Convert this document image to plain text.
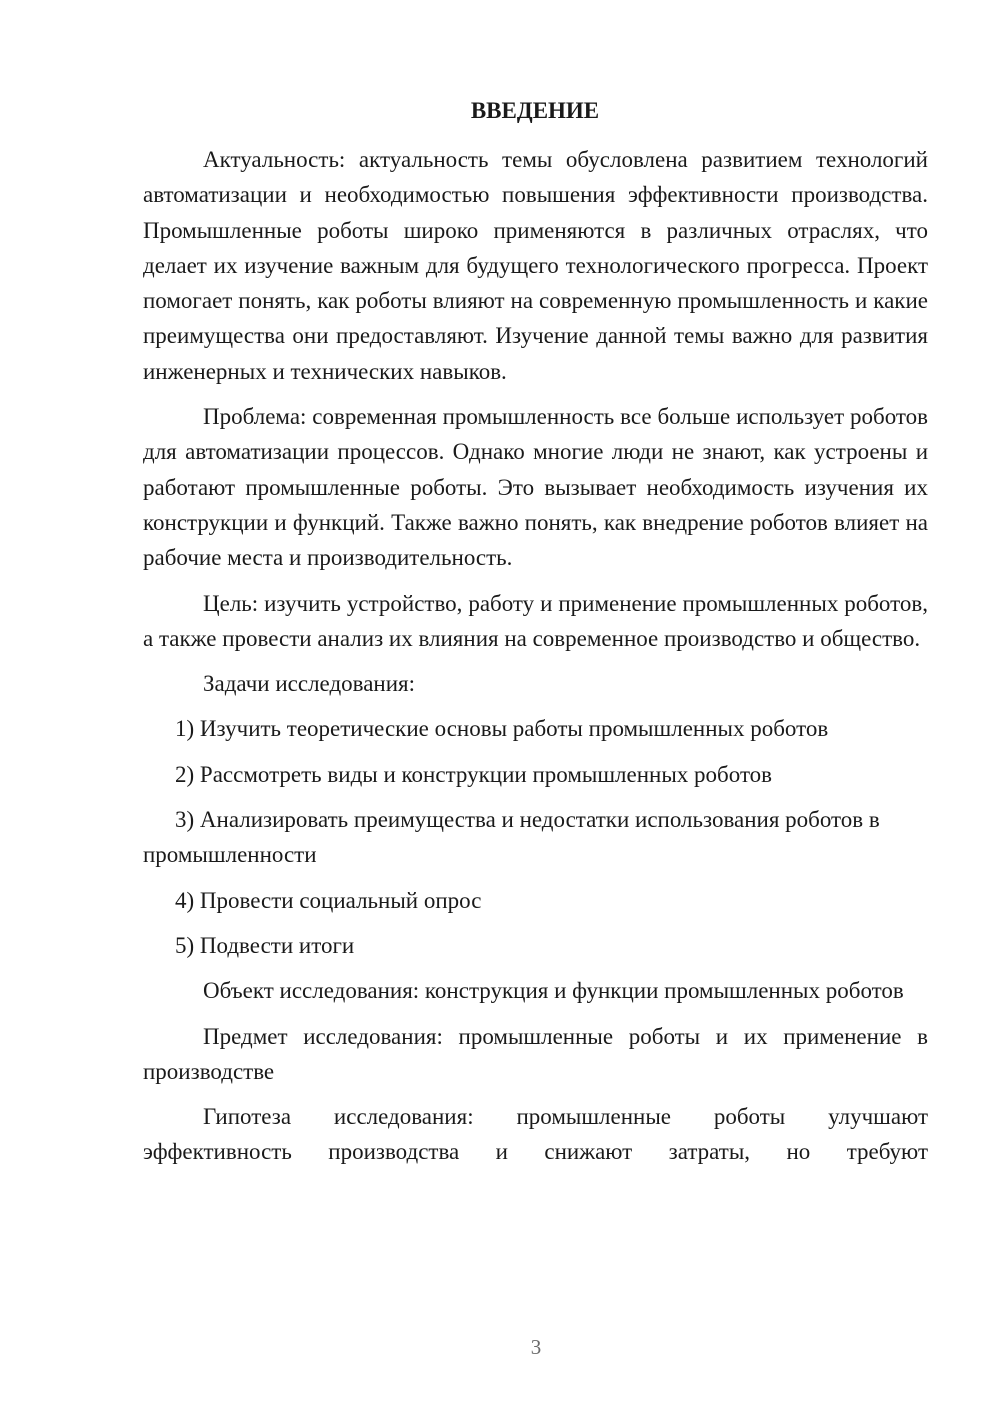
ВВЕДЕНИЕ

Актуальность: актуальность темы обусловлена развитием технологий автоматизации и необходимостью повышения эффективности производства. Промышленные роботы широко применяются в различных отраслях, что делает их изучение важным для будущего технологического прогресса. Проект помогает понять, как роботы влияют на современную промышленность и какие преимущества они предоставляют. Изучение данной темы важно для развития инженерных и технических навыков.

Проблема: современная промышленность все больше использует роботов для автоматизации процессов. Однако многие люди не знают, как устроены и работают промышленные роботы. Это вызывает необходимость изучения их конструкции и функций. Также важно понять, как внедрение роботов влияет на рабочие места и производительность.

Цель: изучить устройство, работу и применение промышленных роботов, а также провести анализ их влияния на современное производство и общество.

Задачи исследования:

1) Изучить теоретические основы работы промышленных роботов

2) Рассмотреть виды и конструкции промышленных роботов

3) Анализировать преимущества и недостатки использования роботов в промышленности

4) Провести социальный опрос

5) Подвести итоги

Объект исследования: конструкция и функции промышленных роботов

Предмет исследования: промышленные роботы и их применение в производстве

Гипотеза исследования: промышленные роботы улучшают эффективность производства и снижают затраты, но требуют

3
